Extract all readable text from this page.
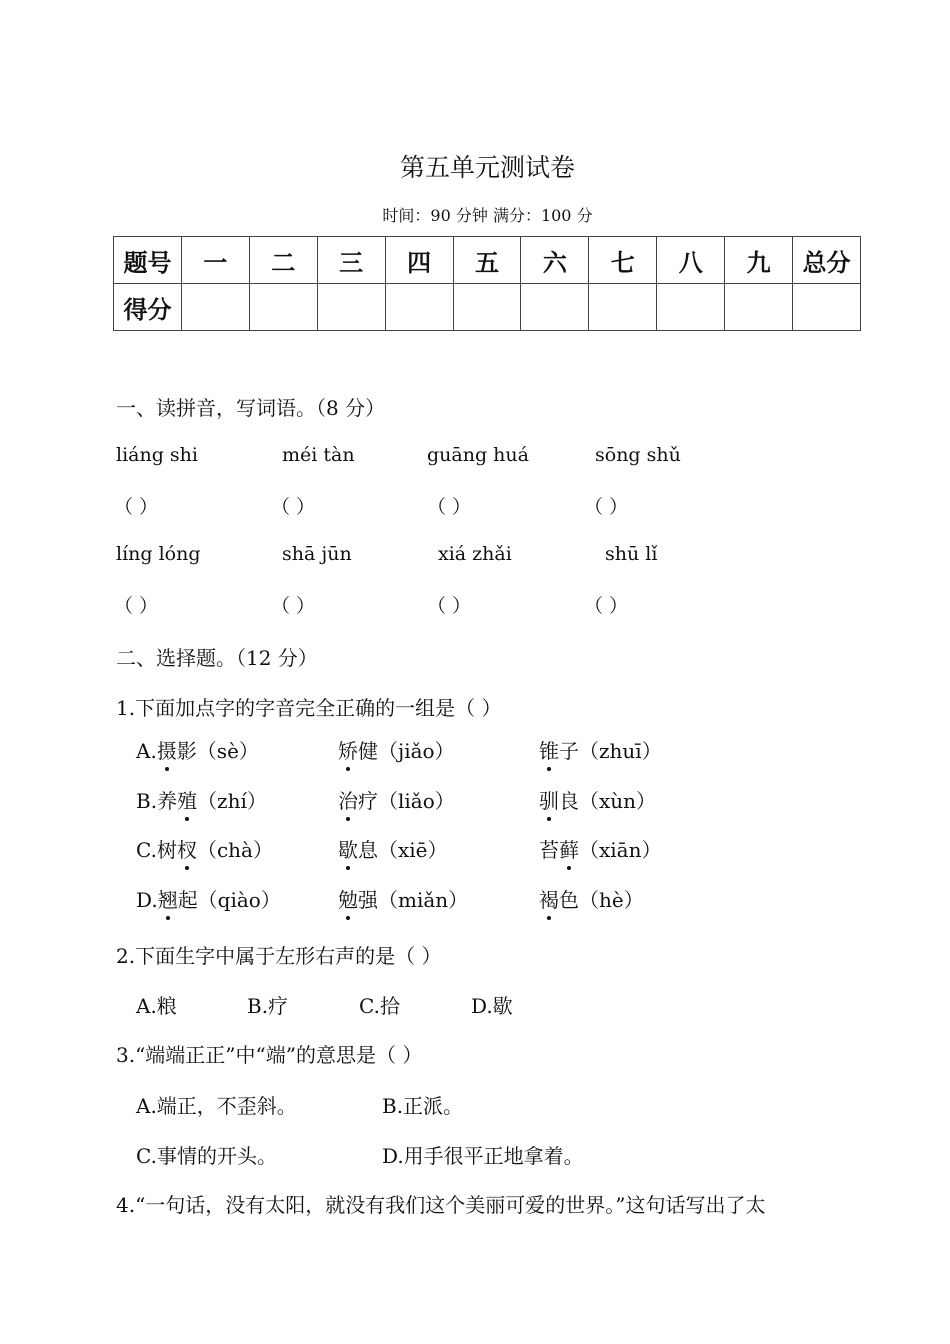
第五单元测试卷
时间：90 分钟 满分：100 分
题号	一	二	三	四	五	六	七	八	九	总分
得分										
一、读拼音，写词语。（8 分）
liáng shi	méi tàn	guāng huá	sōng shǔ
（ ）	（ ）	（ ）	（ ）
líng lóng	shā jūn	xiá zhǎi	shū lǐ
（ ）	（ ）	（ ）	（ ）
二、选择题。（12 分）
1.下面加点字的字音完全正确的一组是（ ）
A.摄影（sè）	矫健（jiǎo）	锥子（zhuī）
B.养殖（zhí）	治疗（liǎo）	驯良（xùn）
C.树杈（chà）	歇息（xiē）	苔藓（xiān）
D.翘起（qiào）	勉强（miǎn）	褐色（hè）
2.下面生字中属于左形右声的是（ ）
A.粮	B.疗	C.拾	D.歇
3.“端端正正”中“端”的意思是（ ）
A.端正，不歪斜。	B.正派。
C.事情的开头。	D.用手很平正地拿着。
4.“一句话，没有太阳，就没有我们这个美丽可爱的世界。”这句话写出了太
